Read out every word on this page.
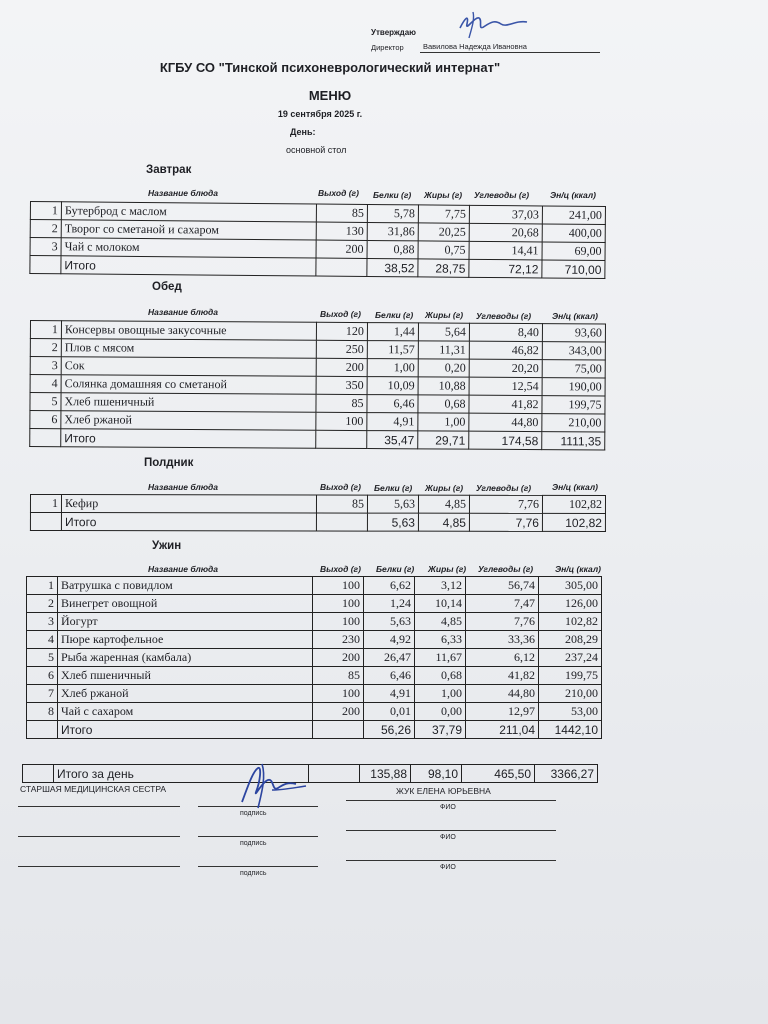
Утверждаю
Директор	Вавилова Надежда Ивановна
КГБУ СО "Тинской психоневрологический интернат"
МЕНЮ
19 сентября 2025 г.
День:
основной стол
Завтрак
Название блюда	Выход (г) Белки (г) Жиры (г) Углеводы (г) Эн/ц (ккал)
1	Бутерброд с маслом	85	5,78	7,75	37,03	241,00
2	Творог со сметаной и сахаром	130	31,86	20,25	20,68	400,00
3	Чай с молоком	200	0,88	0,75	14,41	69,00
	Итого		38,52	28,75	72,12	710,00
Обед
Название блюда	Выход (г) Белки (г) Жиры (г) Углеводы (г) Эн/ц (ккал)
1	Консервы овощные закусочные	120	1,44	5,64	8,40	93,60
2	Плов с мясом	250	11,57	11,31	46,82	343,00
3	Сок	200	1,00	0,20	20,20	75,00
4	Солянка домашняя со сметаной	350	10,09	10,88	12,54	190,00
5	Хлеб пшеничный	85	6,46	0,68	41,82	199,75
6	Хлеб ржаной	100	4,91	1,00	44,80	210,00
	Итого		35,47	29,71	174,58	1111,35
Полдник
Название блюда	Выход (г) Белки (г) Жиры (г) Углеводы (г) Эн/ц (ккал)
1	Кефир	85	5,63	4,85	7,76	102,82
	Итого		5,63	4,85	7,76	102,82
Ужин
Название блюда	Выход (г) Белки (г) Жиры (г) Углеводы (г)	Эн/ц (ккал)
1	Ватрушка с повидлом	100	6,62	3,12	56,74	305,00
2	Винегрет овощной	100	1,24	10,14	7,47	126,00
3	Йогурт	100	5,63	4,85	7,76	102,82
4	Пюре картофельное	230	4,92	6,33	33,36	208,29
5	Рыба жаренная (камбала)	200	26,47	11,67	6,12	237,24
6	Хлеб пшеничный	85	6,46	0,68	41,82	199,75
7	Хлеб ржаной	100	4,91	1,00	44,80	210,00
8	Чай с сахаром	200	0,01	0,00	12,97	53,00
	Итого		56,26	37,79	211,04	1442,10
	Итого за день		135,88	98,10	465,50	3366,27
СТАРШАЯ МЕДИЦИНСКАЯ СЕСТРА
подпись
ЖУК ЕЛЕНА ЮРЬЕВНА
ФИО
подпись
ФИО
подпись
ФИО
